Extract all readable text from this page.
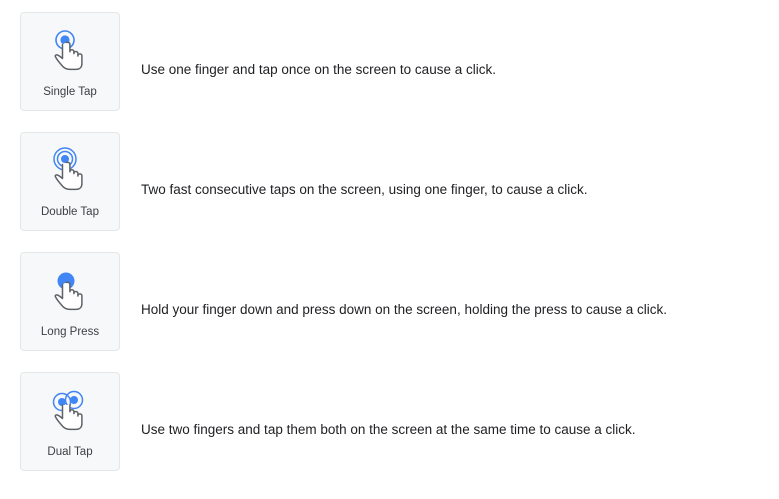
Single Tap
Use one finger and tap once on the screen to cause a click.
Double Tap
Two fast consecutive taps on the screen, using one finger, to cause a click.
Long Press
Hold your finger down and press down on the screen, holding the press to cause a click.
Dual Tap
Use two fingers and tap them both on the screen at the same time to cause a click.
